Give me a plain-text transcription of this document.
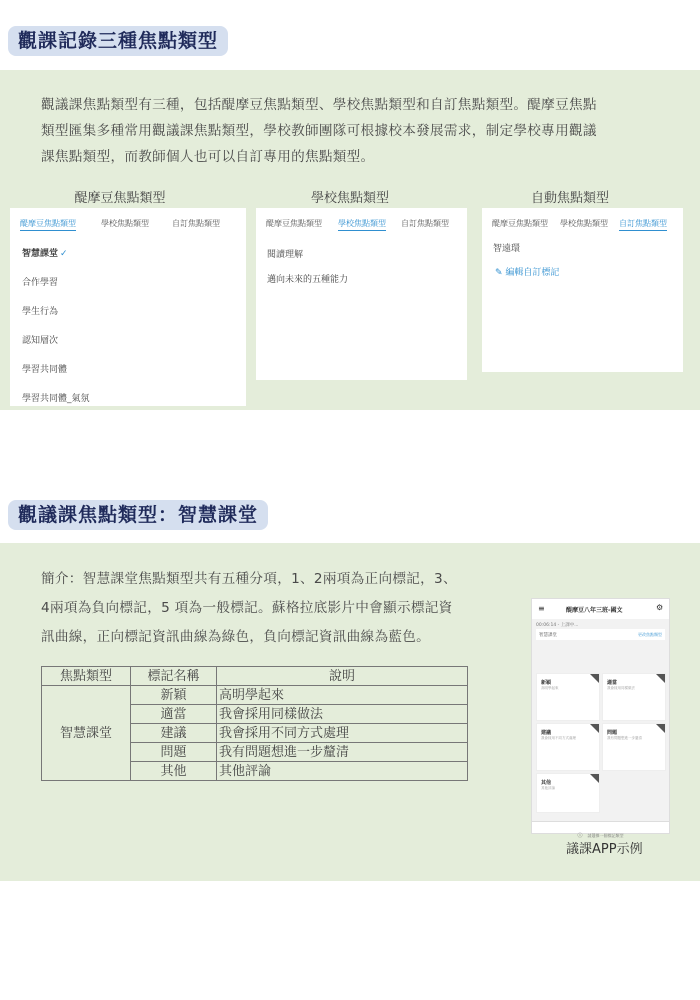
觀課記錄三種焦點類型
觀議課焦點類型有三種，包括醍摩豆焦點類型、學校焦點類型和自訂焦點類型。醍摩豆焦點
類型匯集多種常用觀議課焦點類型，學校教師團隊可根據校本發展需求，制定學校專用觀議
課焦點類型，而教師個人也可以自訂專用的焦點類型。
醍摩豆焦點類型	學校焦點類型	自動焦點類型
醍摩豆焦點類型	學校焦點類型	自訂焦點類型
智慧課堂 ✓
合作學習
學生行為
認知層次
學習共同體
學習共同體_氣氛
醍摩豆焦點類型 學校焦點類型 自訂焦點類型
閱讀理解
邁向未來的五種能力
醍摩豆焦點類型 學校焦點類型 自訂焦點類型
智遠環
✎ 編輯自訂標記
觀議課焦點類型：智慧課堂
簡介：智慧課堂焦點類型共有五種分項，1、2兩項為正向標記，3、
4兩項為負向標記，5 項為一般標記。蘇格拉底影片中會顯示標記資
訊曲線，正向標記資訊曲線為綠色，負向標記資訊曲線為藍色。
焦點類型	標記名稱	說明
智慧課堂	新穎	高明學起來
	適當	我會採用同樣做法
	建議	我會採用不同方式處理
	問題	我有問題想進一步釐清
	其他	其他評論
≡	醍摩豆八年三班-國文	⚙
00:06:14 - 上課中...
智慧課堂	更改焦點類型
新穎
高明學起來
適當
我會採用同樣做法
建議
我會採用不同方式處理
問題
我有問題想進一步釐清
其他
其他評論
ⓘ 請選擇一個標記類型
議課APP示例
